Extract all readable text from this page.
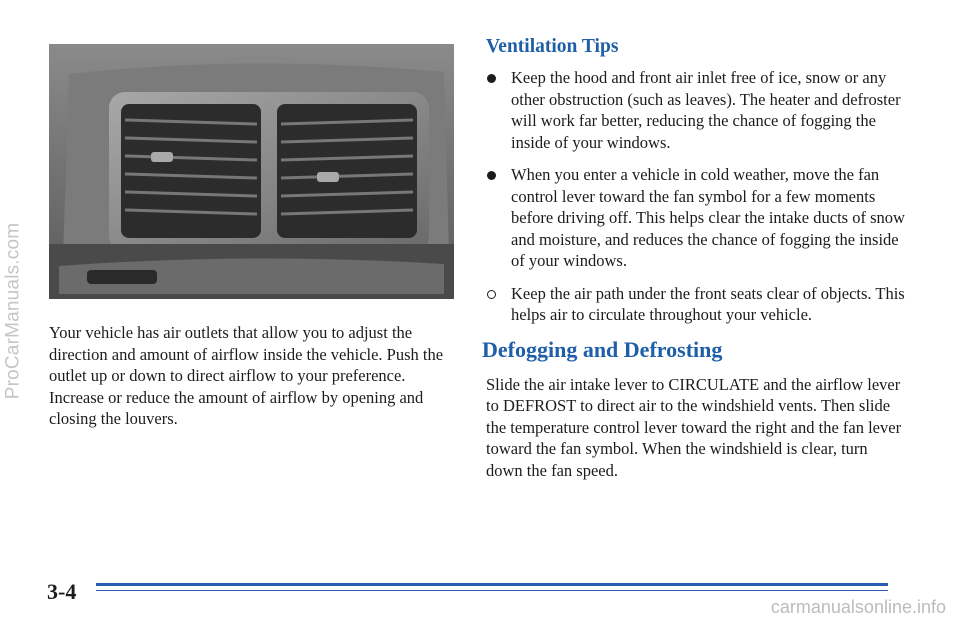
ProCarManuals.com Your vehicle has air outlets that allow you to adjust the direction and amount of airflow inside the vehicle. Push the outlet up or down to direct airflow to your preference. Increase or reduce the amount of airflow by opening and closing the louvers.
Ventilation Tips
Keep the hood and front air inlet free of ice, snow or any other obstruction (such as leaves). The heater and defroster will work far better, reducing the chance of fogging the inside of your windows.
When you enter a vehicle in cold weather, move the fan control lever toward the fan symbol for a few moments before driving off. This helps clear the intake ducts of snow and moisture, and reduces the chance of fogging the inside of your windows.
Keep the air path under the front seats clear of objects. This helps air to circulate throughout your vehicle.
Defogging and Defrosting
Slide the air intake lever to CIRCULATE and the airflow lever to DEFROST to direct air to the windshield vents. Then slide the temperature control lever toward the right and the fan lever toward the fan symbol. When the windshield is clear, turn down the fan speed.
3-4
carmanualsonline.info
